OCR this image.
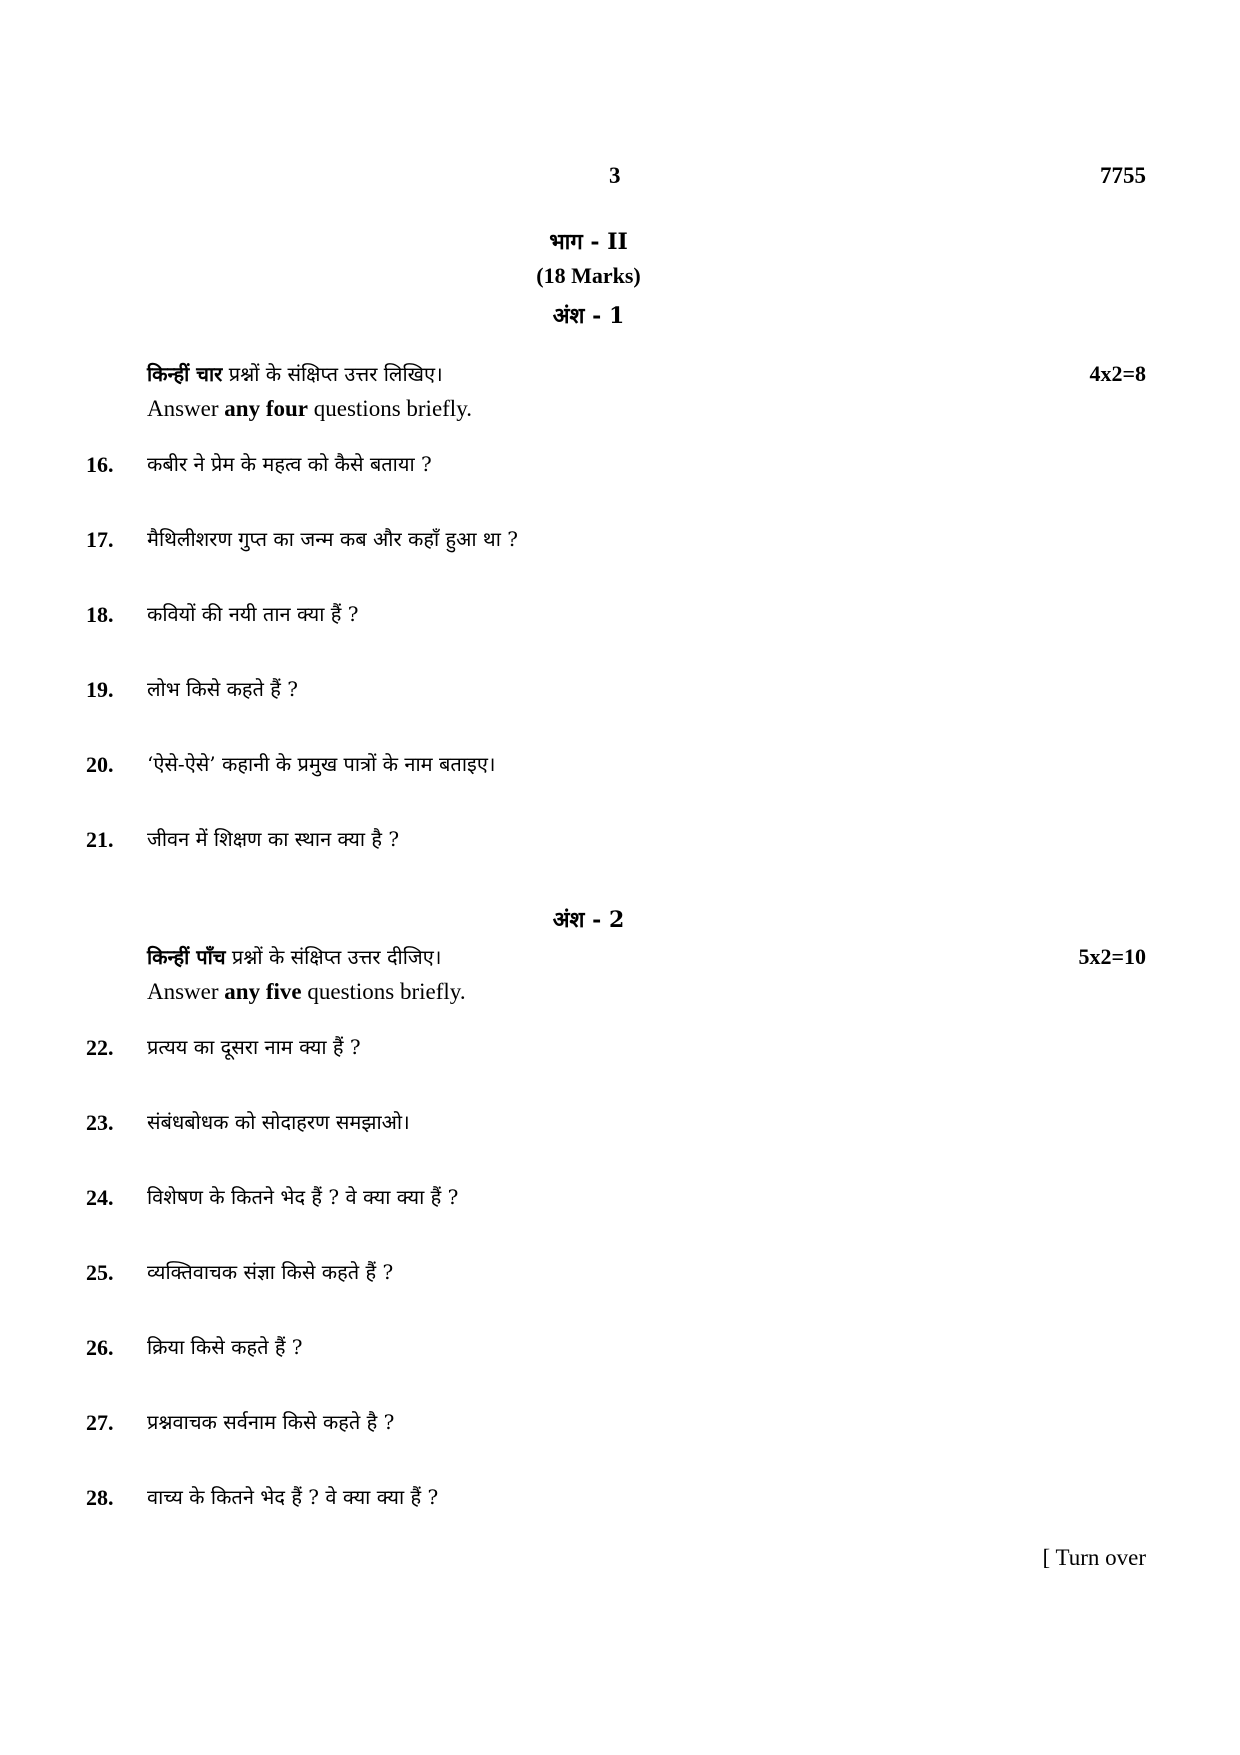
3	7755
भाग - II
(18 Marks)
अंश - 1
किन्हीं चार प्रश्नों के संक्षिप्त उत्तर लिखिए।	4x2=8
Answer any four questions briefly.
16. कबीर ने प्रेम के महत्व को कैसे बताया ?
17. मैथिलीशरण गुप्त का जन्म कब और कहाँ हुआ था ?
18. कवियों की नयी तान क्या हैं ?
19. लोभ किसे कहते हैं ?
20. ‘ऐसे-ऐसे’ कहानी के प्रमुख पात्रों के नाम बताइए।
21. जीवन में शिक्षण का स्थान क्या है ?
अंश - 2
किन्हीं पाँच प्रश्नों के संक्षिप्त उत्तर दीजिए।	5x2=10
Answer any five questions briefly.
22. प्रत्यय का दूसरा नाम क्या हैं ?
23. संबंधबोधक को सोदाहरण समझाओ।
24. विशेषण के कितने भेद हैं ? वे क्या क्या हैं ?
25. व्यक्तिवाचक संज्ञा किसे कहते हैं ?
26. क्रिया किसे कहते हैं ?
27. प्रश्नवाचक सर्वनाम किसे कहते है ?
28. वाच्य के कितने भेद हैं ? वे क्या क्या हैं ?
[ Turn over
